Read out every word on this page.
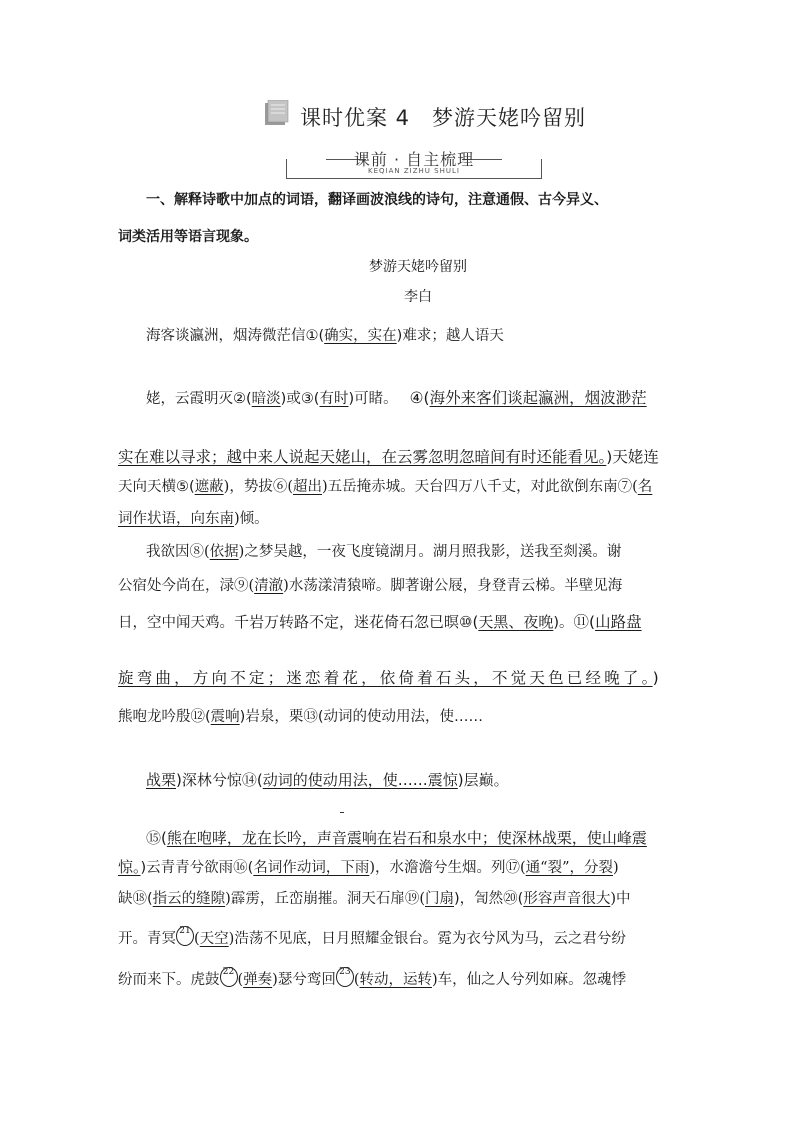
课时优案 4　梦游天姥吟留别
课前 · 自主梳理
KEQIAN ZIZHU SHULI
一、解释诗歌中加点的词语，翻译画波浪线的诗句，注意通假、古今异义、
词类活用等语言现象。
梦游天姥吟留别
李白
海客谈瀛洲，烟涛微茫信①(确实，实在)难求；越人语天
姥，云霞明灭②(暗淡)或③(有时)可睹。 ④(海外来客们谈起瀛洲，烟波渺茫
实在难以寻求；越中来人说起天姥山，在云雾忽明忽暗间有时还能看见。)天姥连
天向天横⑤(遮蔽)，势拔⑥(超出)五岳掩赤城。天台四万八千丈，对此欲倒东南⑦(名
词作状语，向东南)倾。
我欲因⑧(依据)之梦吴越，一夜飞度镜湖月。湖月照我影，送我至剡溪。谢
公宿处今尚在，渌⑨(清澈)水荡漾清猿啼。脚著谢公屐，身登青云梯。半壁见海
日，空中闻天鸡。千岩万转路不定，迷花倚石忽已暝⑩(天黑、夜晚)。⑪(山路盘
旋弯曲，方向不定；迷恋着花，依倚着石头，不觉天色已经晚了。)
熊咆龙吟殷⑫(震响)岩泉，栗⑬(动词的使动用法，使……
战栗)深林兮惊⑭(动词的使动用法，使……震惊)层巅。
⑮(熊在咆哮，龙在长吟，声音震响在岩石和泉水中；使深林战栗，使山峰震
惊。)云青青兮欲雨⑯(名词作动词，下雨)，水澹澹兮生烟。列⑰(通“裂”，分裂)
缺⑱(指云的缝隙)霹雳，丘峦崩摧。洞天石扉⑲(门扇)，訇然⑳(形容声音很大)中
开。青冥 21 (天空)浩荡不见底，日月照耀金银台。霓为衣兮风为马，云之君兮纷
纷而来下。虎鼓 22 (弹奏)瑟兮鸾回 23 (转动，运转)车，仙之人兮列如麻。忽魂悸
